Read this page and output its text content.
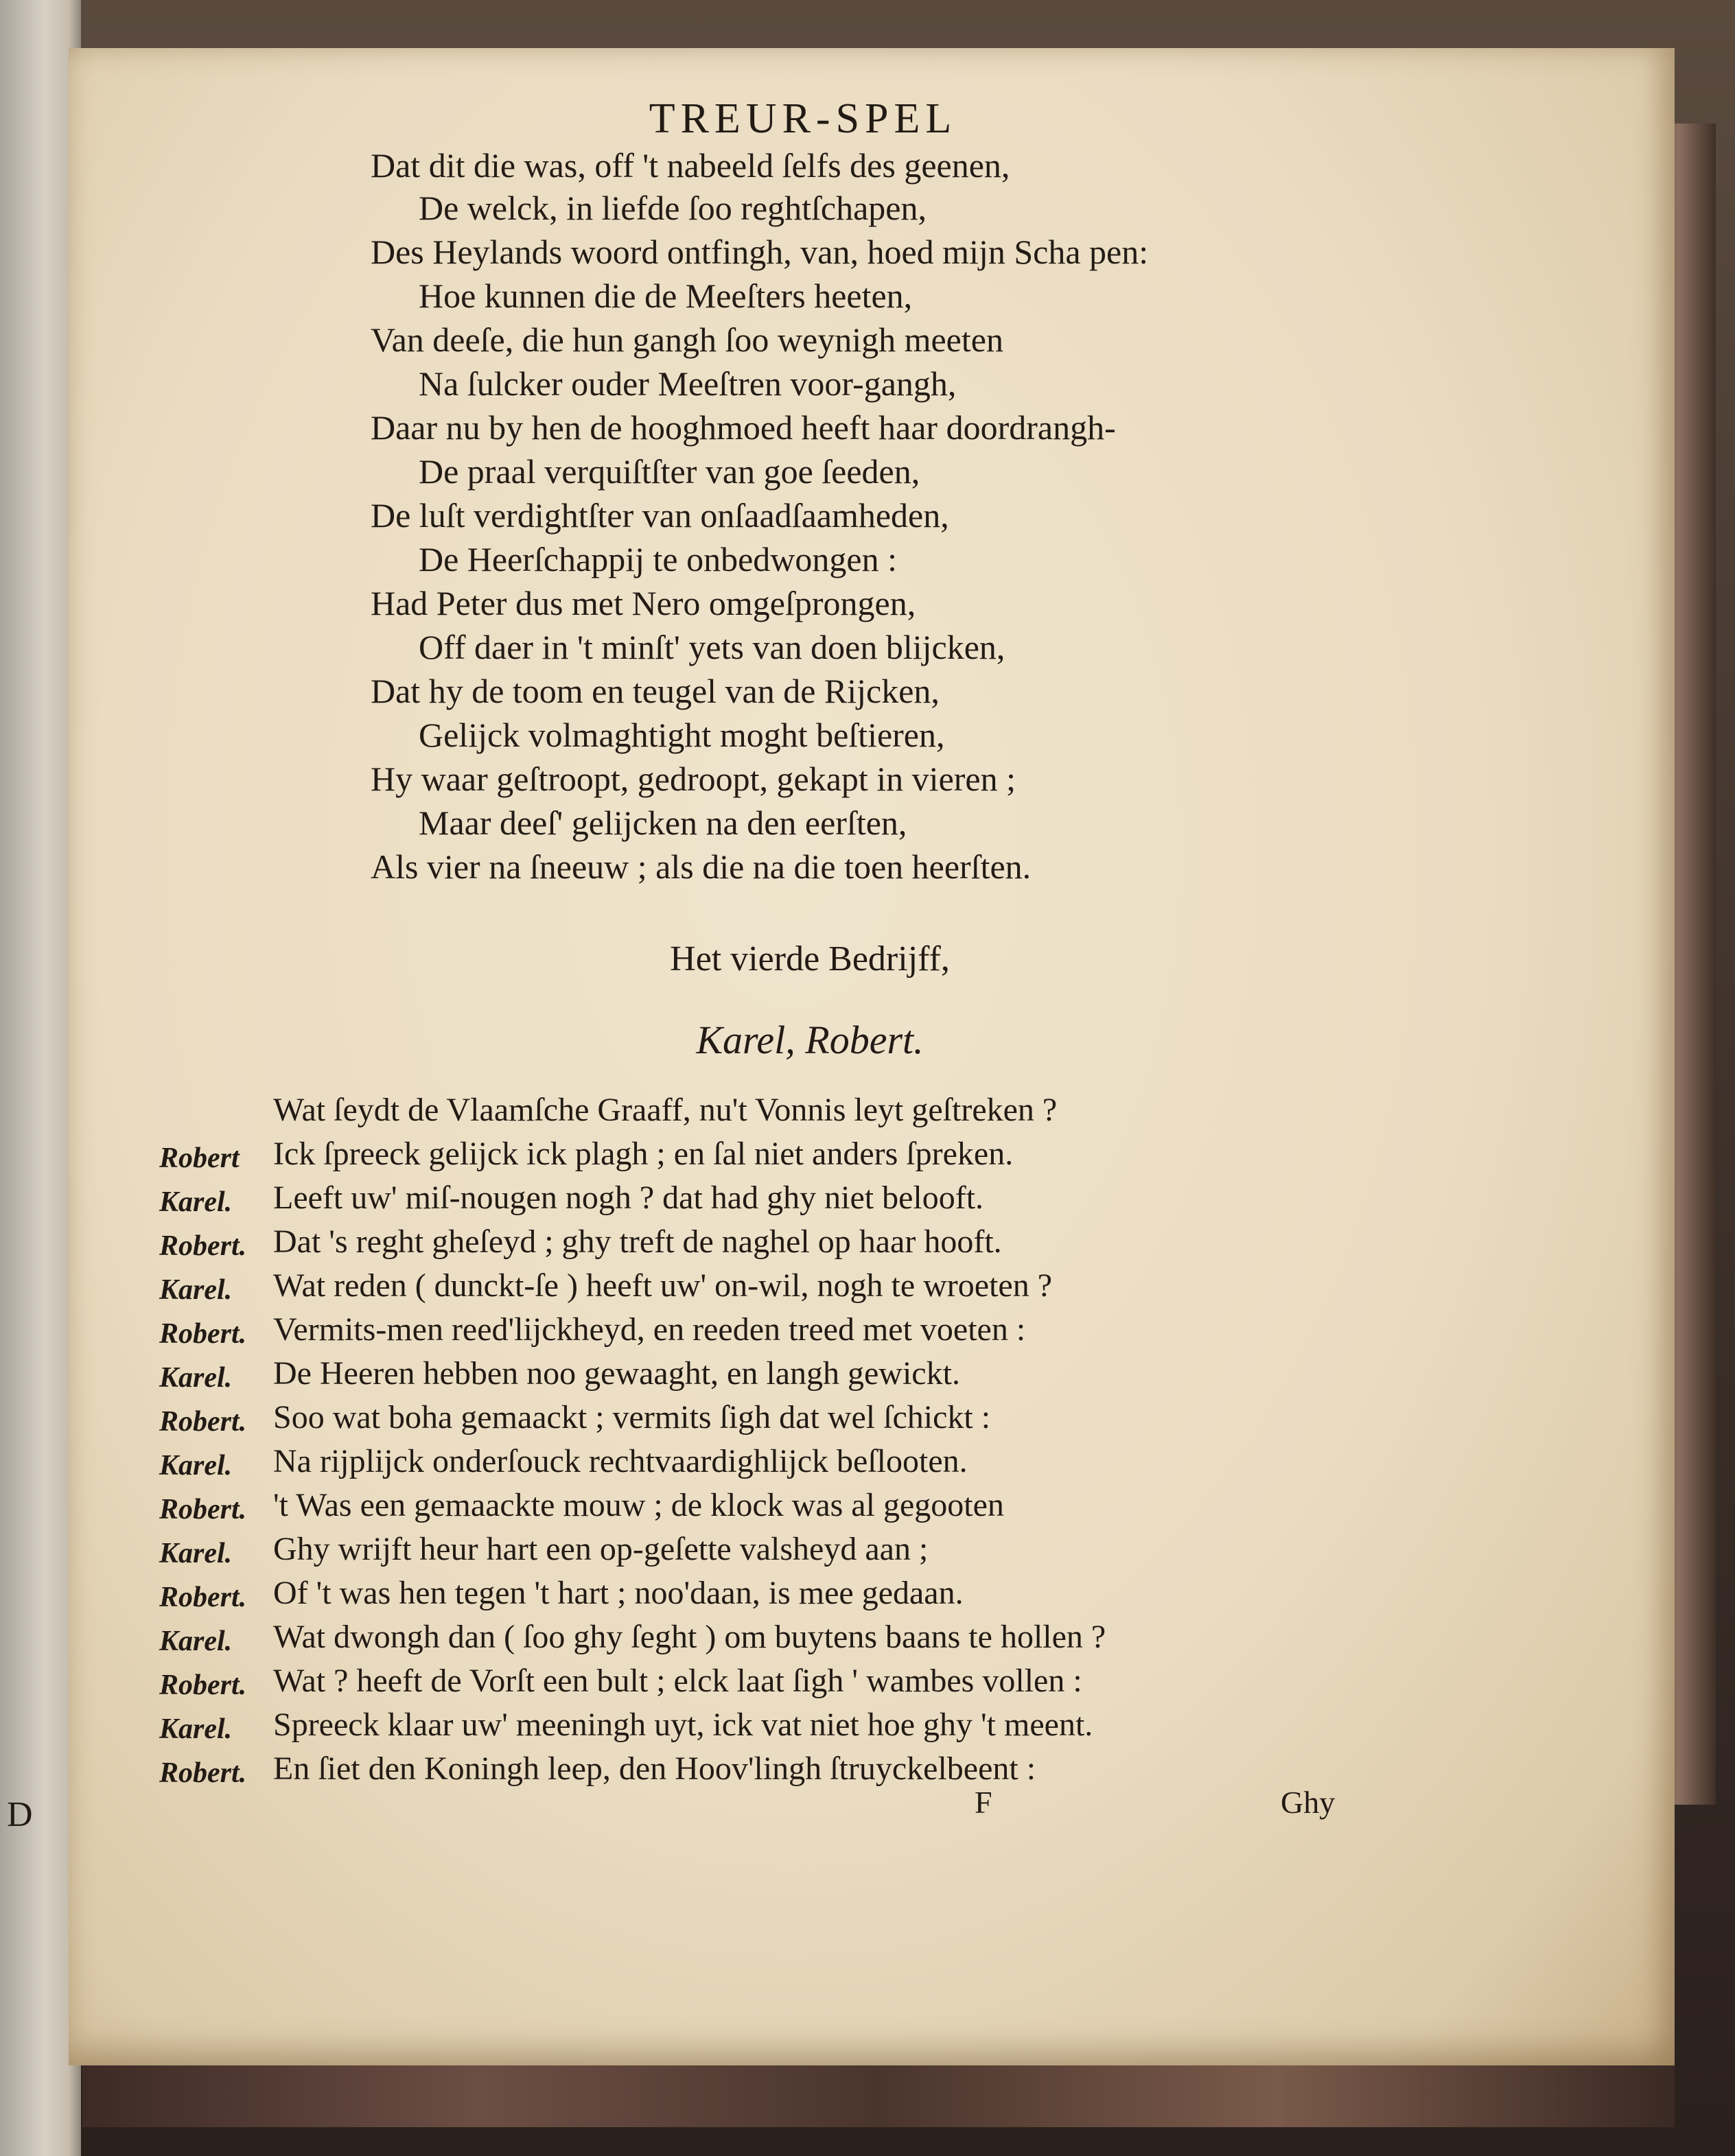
D
TREUR-SPEL
Dat dit die was, off 't nabeeld ſelfs des geenen,
De welck, in liefde ſoo reghtſchapen,
Des Heylands woord ontfingh, van, hoed mijn Scha pen:
Hoe kunnen die de Meeſters heeten,
Van deeſe, die hun gangh ſoo weynigh meeten
Na ſulcker ouder Meeſtren voor-gangh,
Daar nu by hen de hooghmoed heeft haar doordrangh-
De praal verquiſtſter van goe ſeeden,
De luſt verdightſter van onſaadſaamheden,
De Heerſchappij te onbedwongen :
Had Peter dus met Nero omgeſprongen,
Off daer in 't minſt' yets van doen blijcken,
Dat hy de toom en teugel van de Rijcken,
Gelijck volmaghtight moght beſtieren,
Hy waar geſtroopt, gedroopt, gekapt in vieren ;
Maar deeſ' gelijcken na den eerſten,
Als vier na ſneeuw ; als die na die toen heerſten.
Het vierde Bedrijff,
Karel, Robert.
Wat ſeydt de Vlaamſche Graaff, nu't Vonnis leyt geſtreken ?
Robert Ick ſpreeck gelijck ick plagh ; en ſal niet anders ſpreken.
Karel. Leeft uw' miſ-nougen nogh ? dat had ghy niet belooft.
Robert. Dat 's reght gheſeyd ; ghy treft de naghel op haar hooft.
Karel. Wat reden ( dunckt-ſe ) heeft uw' on-wil, nogh te wroeten ?
Robert. Vermits-men reed'lijckheyd, en reeden treed met voeten :
Karel. De Heeren hebben noo gewaaght, en langh gewickt.
Robert. Soo wat boha gemaackt ; vermits ſigh dat wel ſchickt :
Karel. Na rijplijck onderſouck rechtvaardighlijck beſlooten.
Robert. 't Was een gemaackte mouw ; de klock was al gegooten
Karel. Ghy wrijft heur hart een op-geſette valsheyd aan ;
Robert. Of 't was hen tegen 't hart ; noo'daan, is mee gedaan.
Karel. Wat dwongh dan ( ſoo ghy ſeght ) om buytens baans te hollen ?
Robert. Wat ? heeft de Vorſt een bult ; elck laat ſigh ' wambes vollen :
Karel. Spreeck klaar uw' meeningh uyt, ick vat niet hoe ghy 't meent.
Robert. En ſiet den Koningh leep, den Hoov'lingh ſtruyckelbeent :
F	Ghy
